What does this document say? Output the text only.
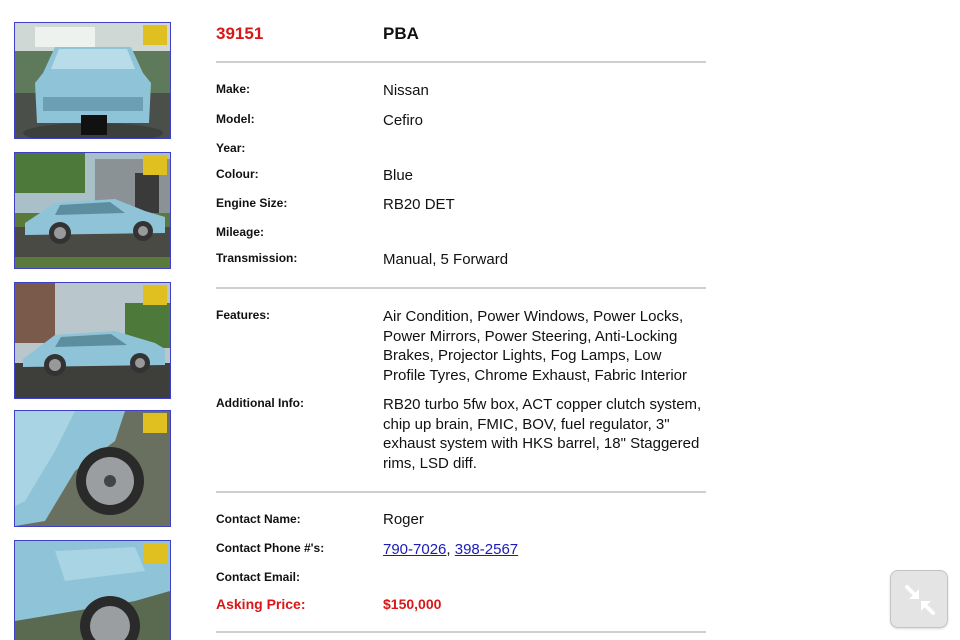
39151	PBA
Make:	Nissan
Model:	Cefiro
Year:
Colour:	Blue
Engine Size:	RB20 DET
Mileage:
Transmission:	Manual, 5 Forward
Features:	Air Condition, Power Windows, Power Locks, Power Mirrors, Power Steering, Anti-Locking Brakes, Projector Lights, Fog Lamps, Low Profile Tyres, Chrome Exhaust, Fabric Interior
Additional Info:	RB20 turbo 5fw box, ACT copper clutch system, chip up brain, FMIC, BOV, fuel regulator, 3" exhaust system with HKS barrel, 18" Staggered rims, LSD diff.
Contact Name:	Roger
Contact Phone #'s:	790-7026, 398-2567
Contact Email:
Asking Price:	$150,000
